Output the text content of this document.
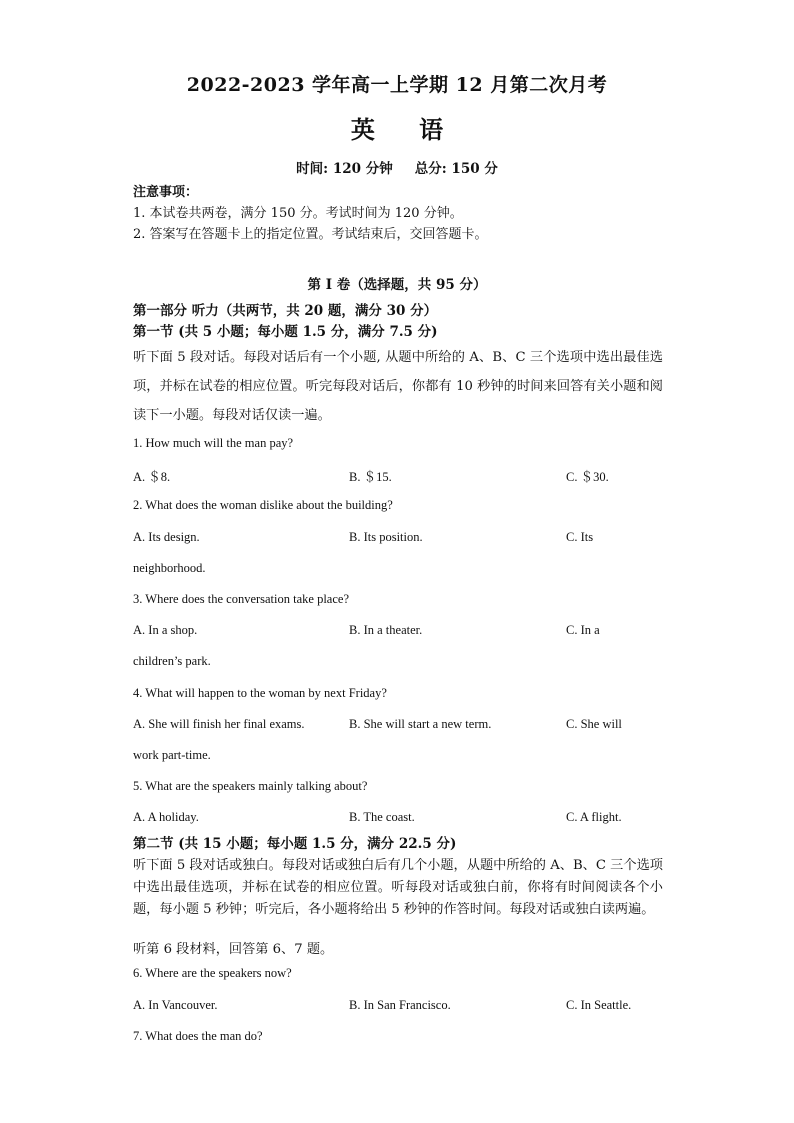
2022-2023 学年高一上学期 12 月第二次月考
英 语
时间: 120 分钟 总分: 150 分
注意事项：
1. 本试卷共两卷，满分 150 分。考试时间为 120 分钟。
2. 答案写在答题卡上的指定位置。考试结束后，交回答题卡。
第 I 卷（选择题，共 95 分）
第一部分 听力（共两节，共 20 题，满分 30 分）
第一节 (共 5 小题；每小题 1.5 分，满分 7.5 分)
听下面 5 段对话。每段对话后有一个小题, 从题中所给的 A、B、C 三个选项中选出最佳选项，并标在试卷的相应位置。听完每段对话后，你都有 10 秒钟的时间来回答有关小题和阅读下一小题。每段对话仅读一遍。
1. How much will the man pay?
A. ＄8.	B. ＄15.	C. ＄30.
2. What does the woman dislike about the building?
A. Its design.	B. Its position.	C. Its
neighborhood.
3. Where does the conversation take place?
A. In a shop.	B. In a theater.	C. In a
children’s park.
4. What will happen to the woman by next Friday?
A. She will finish her final exams.	B. She will start a new term.	C. She will
work part-time.
5. What are the speakers mainly talking about?
A. A holiday.	B. The coast.	C. A flight.
第二节 (共 15 小题；每小题 1.5 分，满分 22.5 分)
听下面 5 段对话或独白。每段对话或独白后有几个小题，从题中所给的 A、B、C 三个选项中选出最佳选项，并标在试卷的相应位置。听每段对话或独白前，你将有时间阅读各个小题，每小题 5 秒钟；听完后，各小题将给出 5 秒钟的作答时间。每段对话或独白读两遍。
听第 6 段材料，回答第 6、7 题。
6. Where are the speakers now?
A. In Vancouver.	B. In San Francisco.	C. In Seattle.
7. What does the man do?
